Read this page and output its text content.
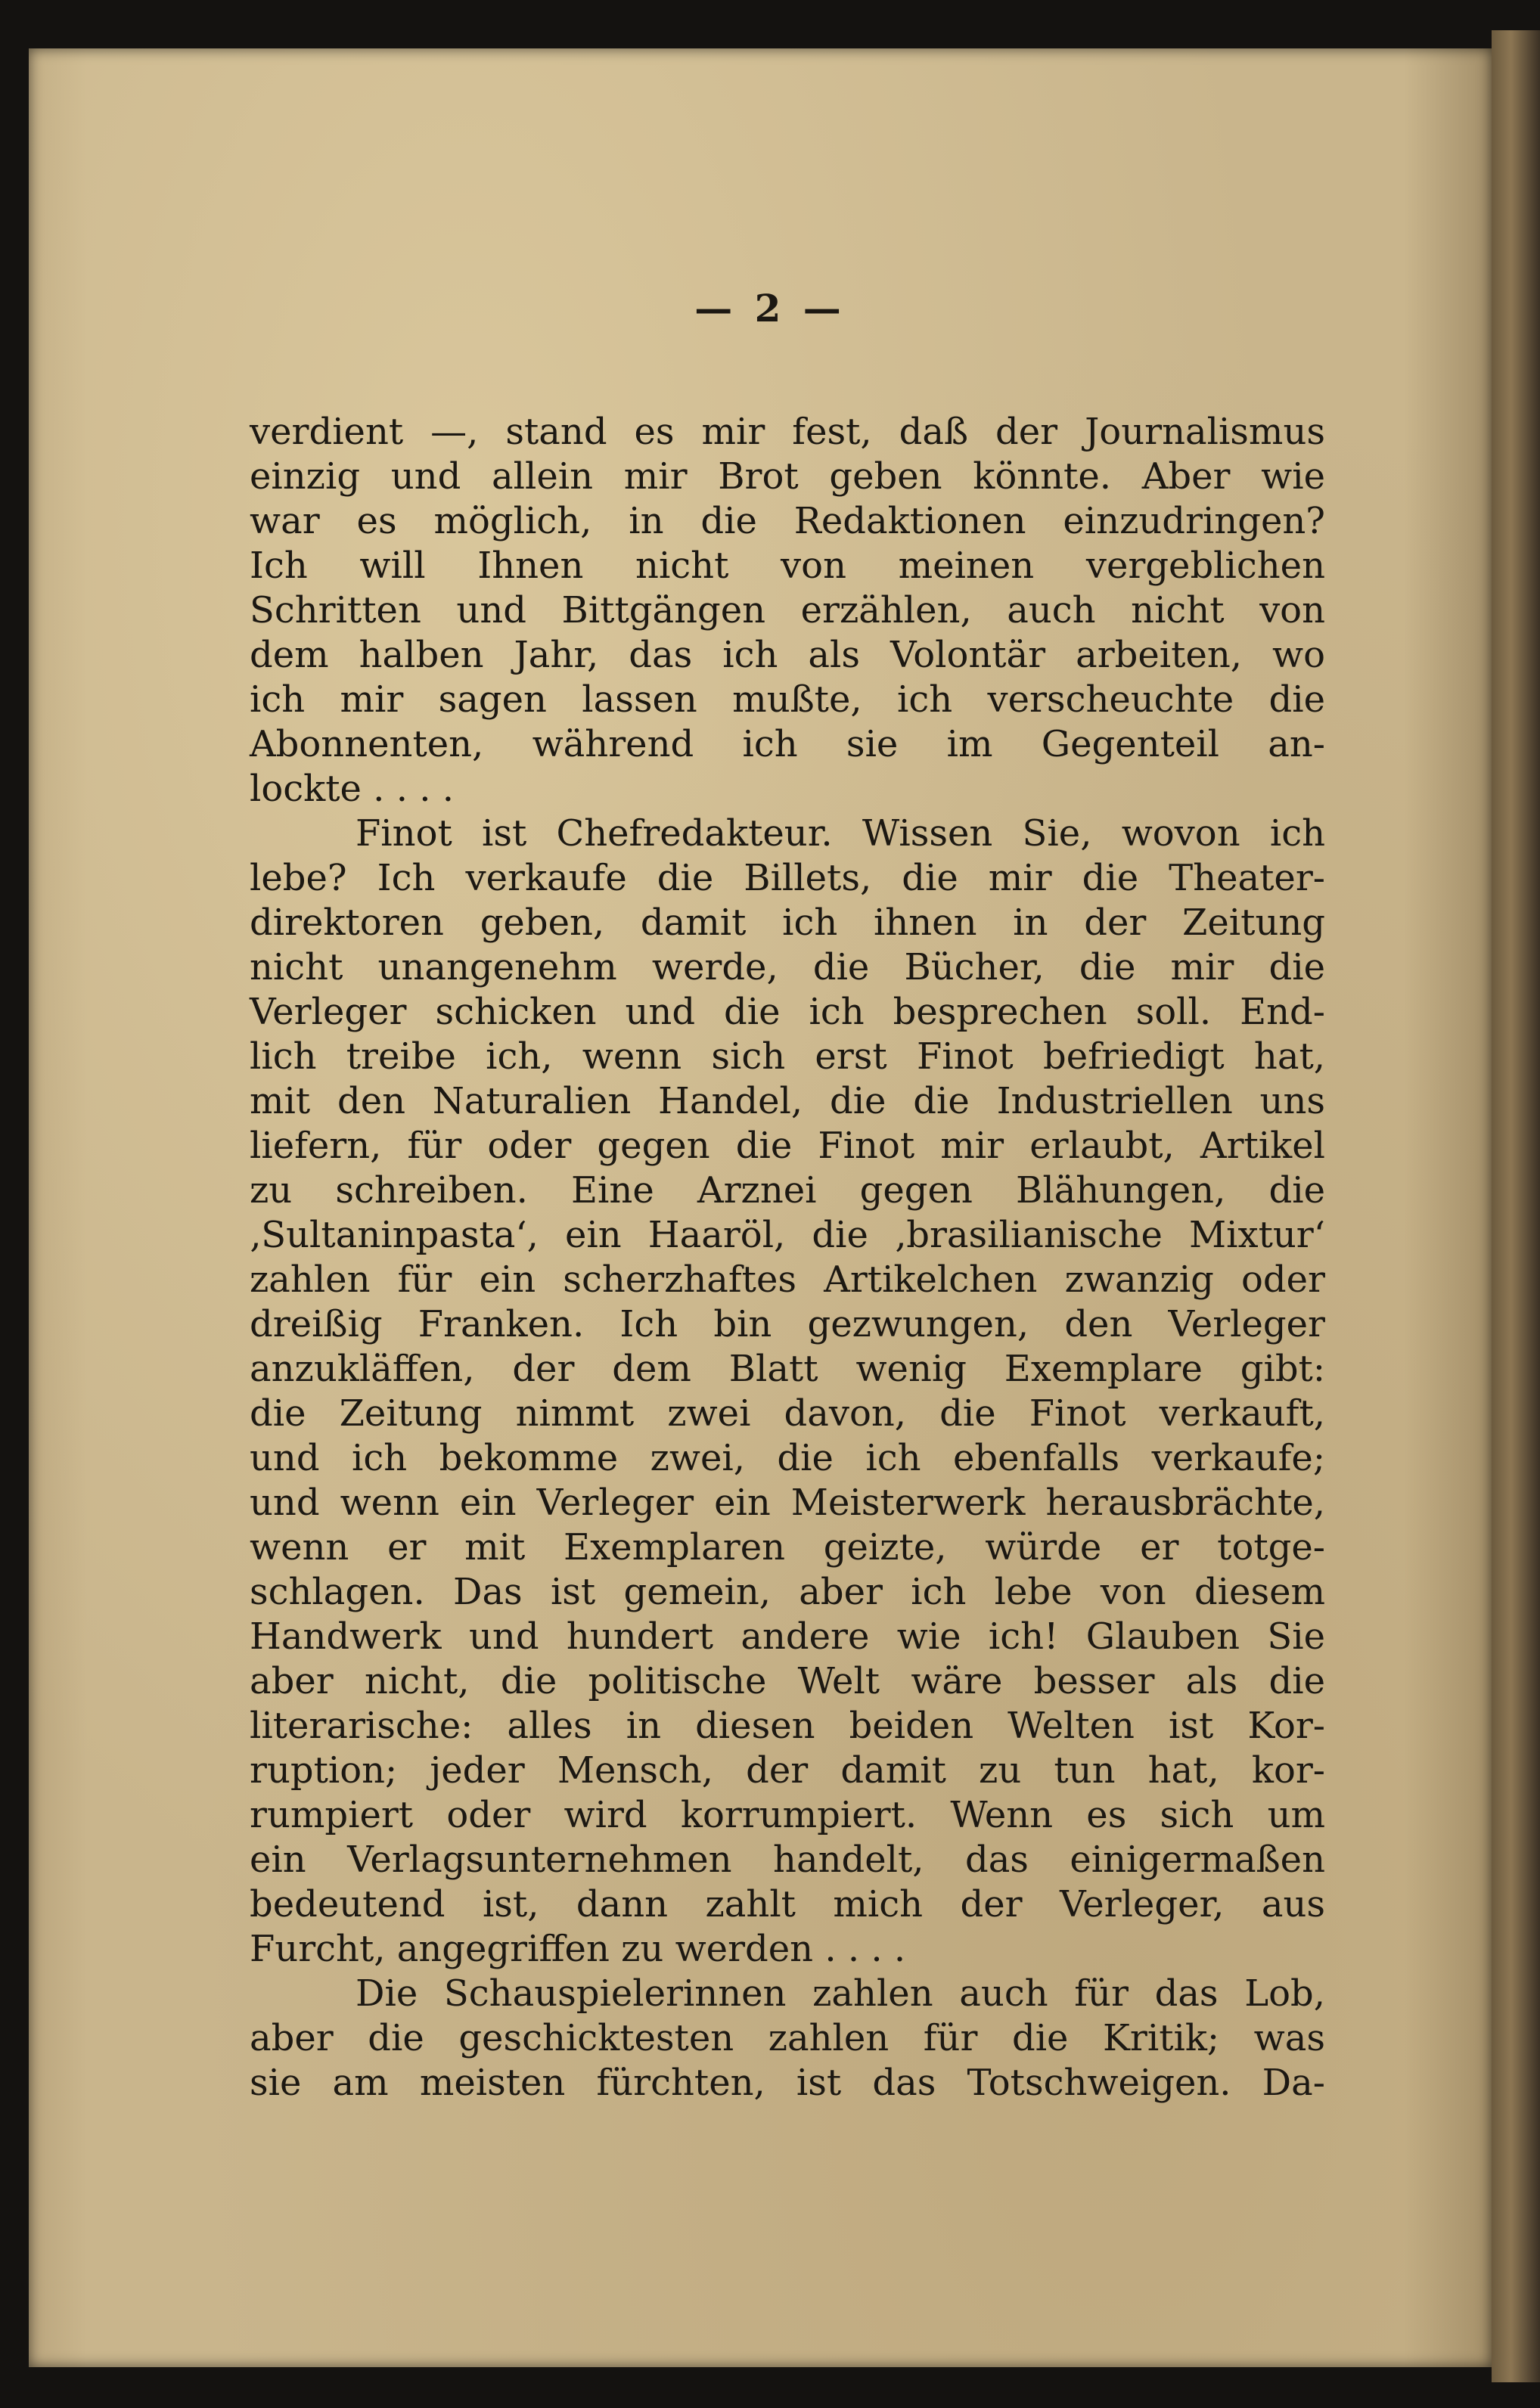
— 2 —
verdient —, stand es mir fest, daß der Journalismus
einzig und allein mir Brot geben könnte. Aber wie
war es möglich, in die Redaktionen einzudringen?
Ich will Ihnen nicht von meinen vergeblichen
Schritten und Bittgängen erzählen, auch nicht von
dem halben Jahr, das ich als Volontär arbeiten, wo
ich mir sagen lassen mußte, ich verscheuchte die
Abonnenten, während ich sie im Gegenteil an-
lockte . . . .
Finot ist Chefredakteur. Wissen Sie, wovon ich
lebe? Ich verkaufe die Billets, die mir die Theater-
direktoren geben, damit ich ihnen in der Zeitung
nicht unangenehm werde, die Bücher, die mir die
Verleger schicken und die ich besprechen soll. End-
lich treibe ich, wenn sich erst Finot befriedigt hat,
mit den Naturalien Handel, die die Industriellen uns
liefern, für oder gegen die Finot mir erlaubt, Artikel
zu schreiben. Eine Arznei gegen Blähungen, die
‚Sultaninpasta‘, ein Haaröl, die ‚brasilianische Mixtur‘
zahlen für ein scherzhaftes Artikelchen zwanzig oder
dreißig Franken. Ich bin gezwungen, den Verleger
anzukläffen, der dem Blatt wenig Exemplare gibt:
die Zeitung nimmt zwei davon, die Finot verkauft,
und ich bekomme zwei, die ich ebenfalls verkaufe;
und wenn ein Verleger ein Meisterwerk herausbrächte,
wenn er mit Exemplaren geizte, würde er totge-
schlagen. Das ist gemein, aber ich lebe von diesem
Handwerk und hundert andere wie ich! Glauben Sie
aber nicht, die politische Welt wäre besser als die
literarische: alles in diesen beiden Welten ist Kor-
ruption; jeder Mensch, der damit zu tun hat, kor-
rumpiert oder wird korrumpiert. Wenn es sich um
ein Verlagsunternehmen handelt, das einigermaßen
bedeutend ist, dann zahlt mich der Verleger, aus
Furcht, angegriffen zu werden . . . .
Die Schauspielerinnen zahlen auch für das Lob,
aber die geschicktesten zahlen für die Kritik; was
sie am meisten fürchten, ist das Totschweigen. Da-
